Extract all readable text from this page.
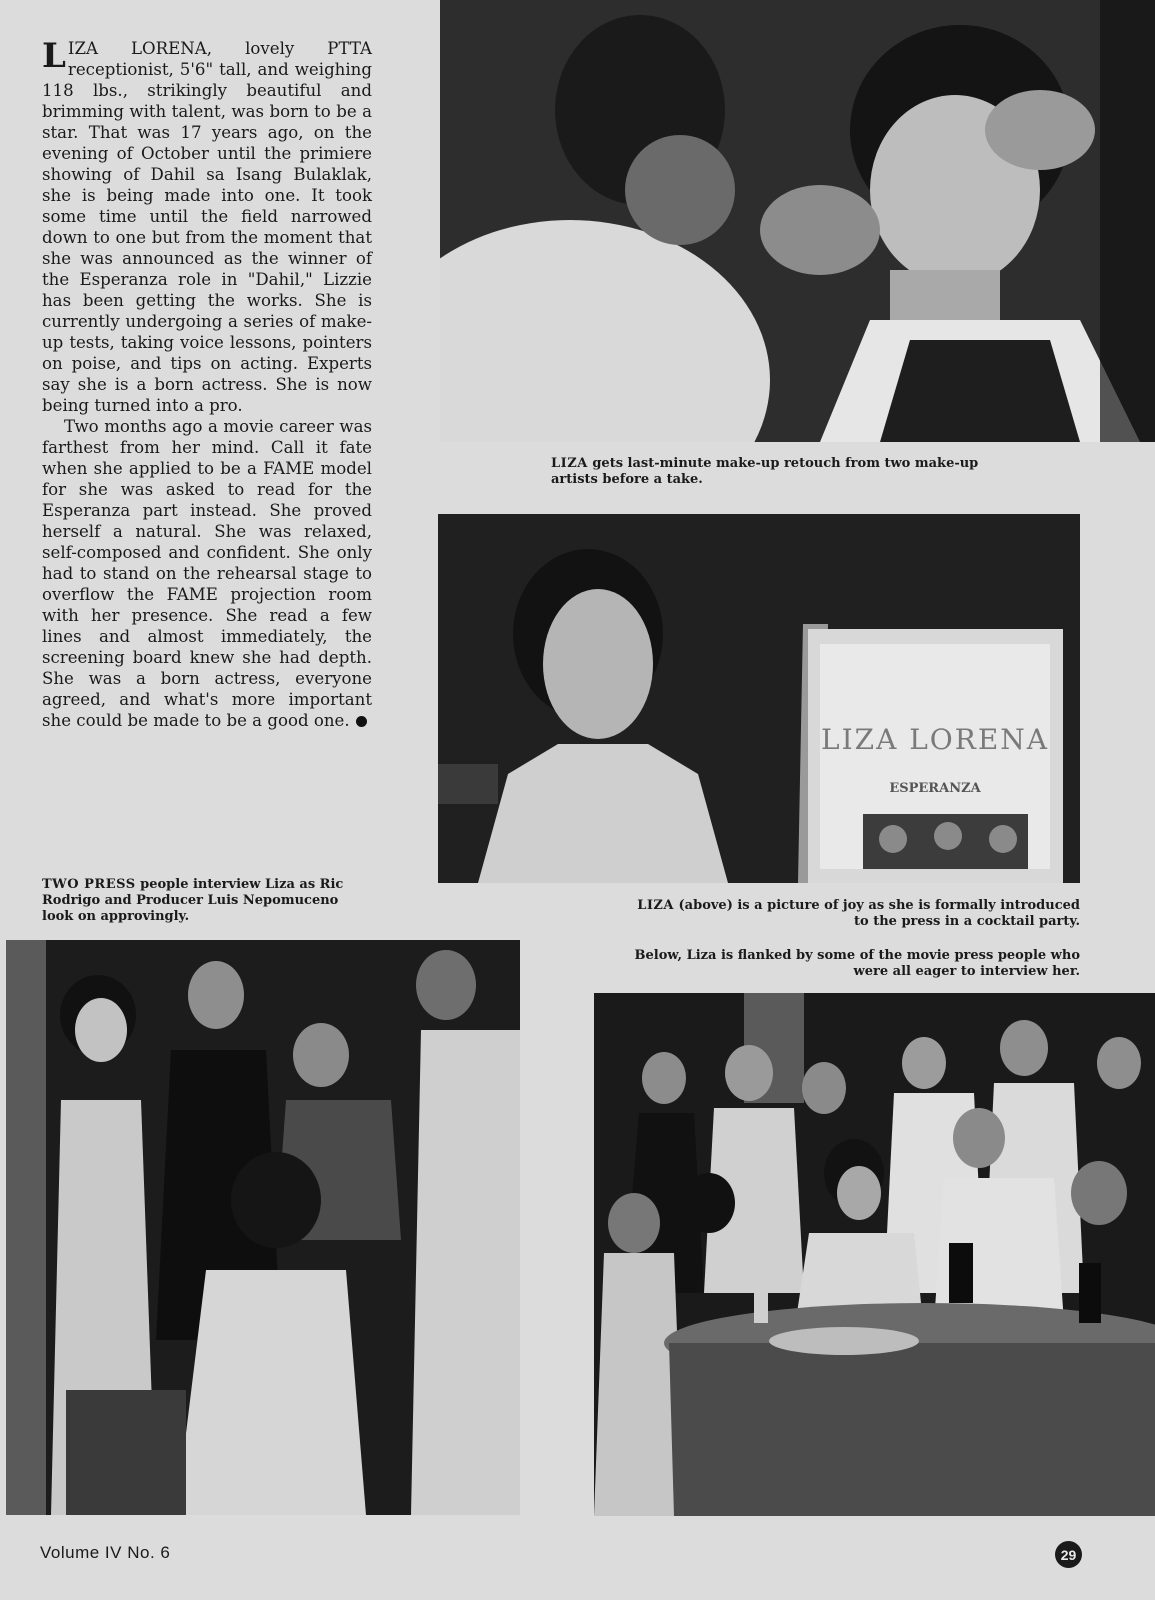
LIZA LORENA, lovely PTTA receptionist, 5'6" tall, and weighing 118 lbs., strikingly beautiful and brimming with talent, was born to be a star. That was 17 years ago, on the evening of October until the primiere showing of Dahil sa Isang Bulaklak, she is being made into one. It took some time until the field narrowed down to one but from the moment that she was announced as the winner of the Esperanza role in "Dahil," Lizzie has been getting the works. She is currently undergoing a series of make-up tests, taking voice lessons, pointers on poise, and tips on acting. Experts say she is a born actress. She is now being turned into a pro.

Two months ago a movie career was farthest from her mind. Call it fate when she applied to be a FAME model for she was asked to read for the Esperanza part instead. She proved herself a natural. She was relaxed, self-composed and confident. She only had to stand on the rehearsal stage to overflow the FAME projection room with her presence. She read a few lines and almost immediately, the screening board knew she had depth. She was a born actress, everyone agreed, and what's more important she could be made to be a good one.

LIZA gets last-minute make-up retouch from two make-up artists before a take.

LIZA LORENA
ESPERANZA

LIZA (above) is a picture of joy as she is formally introduced to the press in a cocktail party.

Below, Liza is flanked by some of the movie press people who were all eager to interview her.

TWO PRESS people interview Liza as Ric Rodrigo and Producer Luis Nepomuceno look on approvingly.

Volume IV No. 6	29
